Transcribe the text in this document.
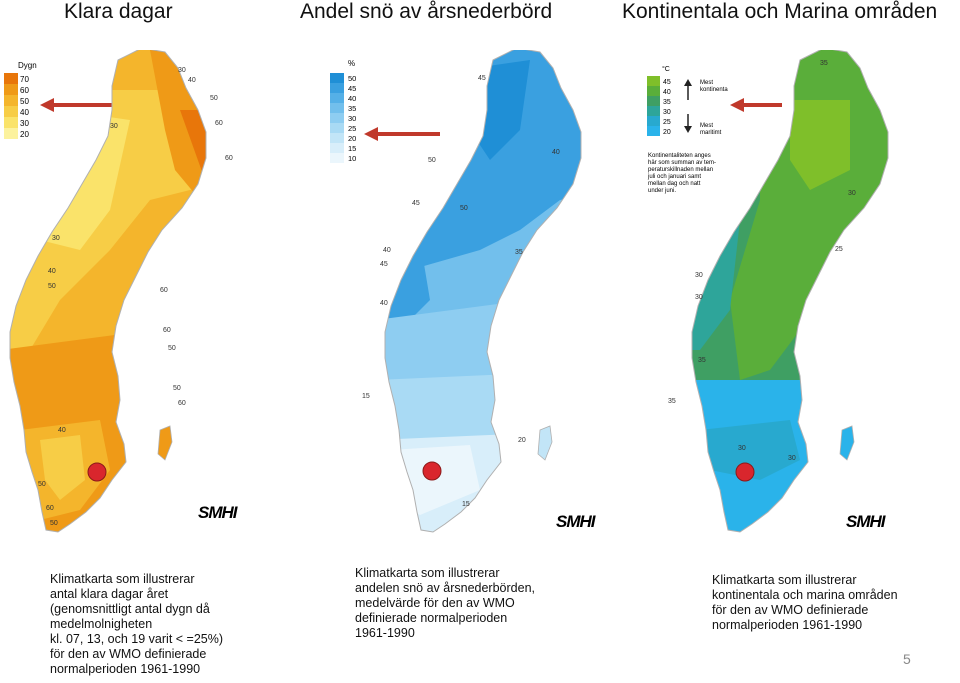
Klara dagar	Andel snö av årsnederbörd	Kontinentala och Marina områden
Dygn
70
60
50
40
30
20
30
40
50
60
60
30
30
40
50
60
60
50
50
60
40
50
60
50
SMHI
%
50
45
40
35
30
25
20
15
10
45
50
40
50
45
40
45
40
35
15
20
15
SMHI
°C
45
40
35
30
25
20
Mest kontinenta
Mest maritimt
Kontinentaliteten anges
här som summan av tem-
peraturskillnaden mellan
juli och januari samt
mellan dag och natt
under juni.
35
30
25
30
30
35
35
30
30
SMHI
Klimatkarta som illustrerar
antal klara dagar året
(genomsnittligt antal dygn då
medelmolnigheten
kl. 07, 13, och 19 varit < =25%)
för den av WMO definierade
normalperioden 1961-1990
Klimatkarta som illustrerar
andelen snö av årsnederbörden,
medelvärde för den av WMO
definierade normalperioden
1961-1990
Klimatkarta som illustrerar
kontinentala och marina områden
för den av WMO definierade
normalperioden 1961-1990
5
